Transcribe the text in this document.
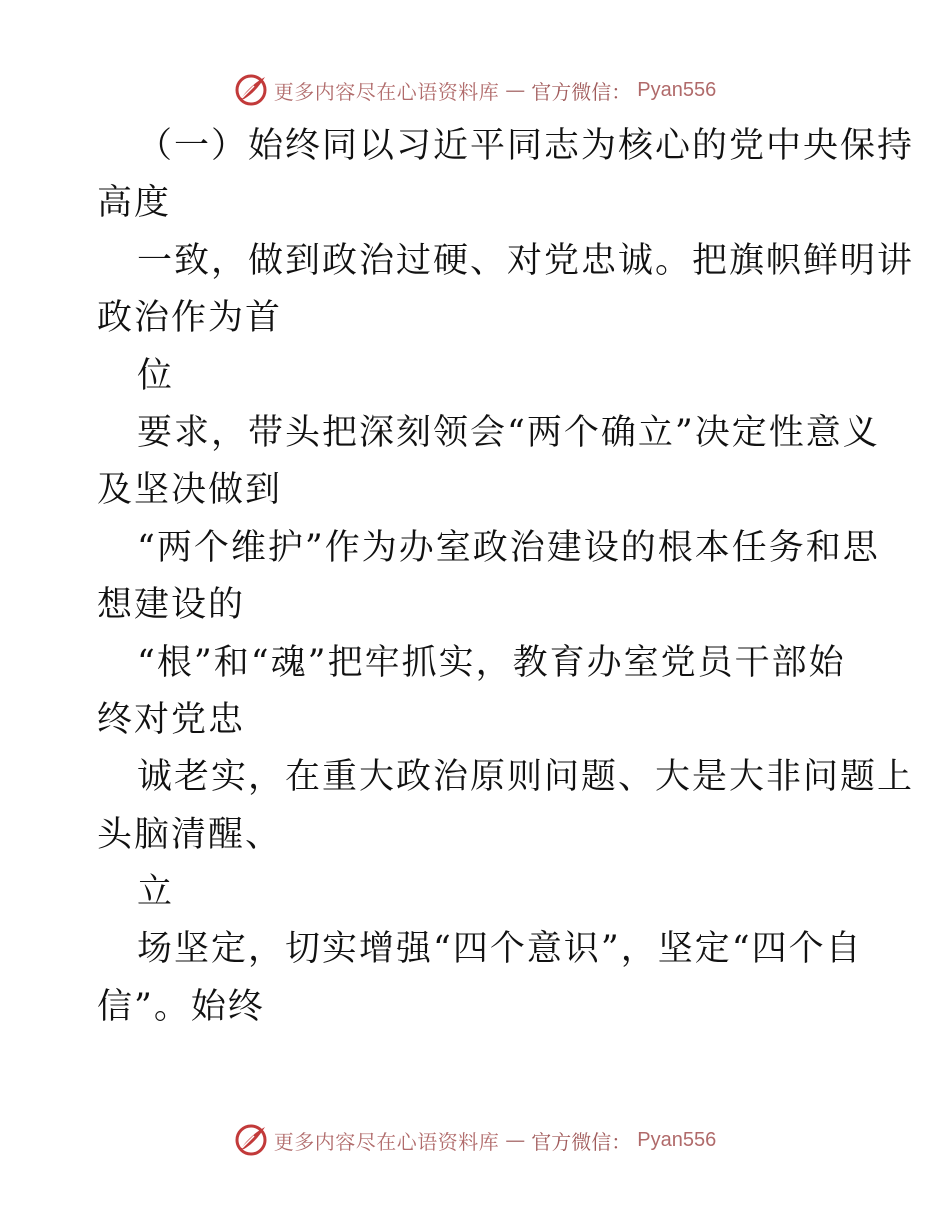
更多内容尽在心语资料库 — 官方微信： Pyan556
（一）始终同以习近平同志为核心的党中央保持
高度
一致，做到政治过硬、对党忠诚。把旗帜鲜明讲
政治作为首
位
要求，带头把深刻领会“两个确立”决定性意义
及坚决做到
“两个维护”作为办室政治建设的根本任务和思
想建设的
“根”和“魂”把牢抓实，教育办室党员干部始
终对党忠
诚老实，在重大政治原则问题、大是大非问题上
头脑清醒、
立
场坚定，切实增强“四个意识”，坚定“四个自
信”。始终
更多内容尽在心语资料库 — 官方微信： Pyan556
